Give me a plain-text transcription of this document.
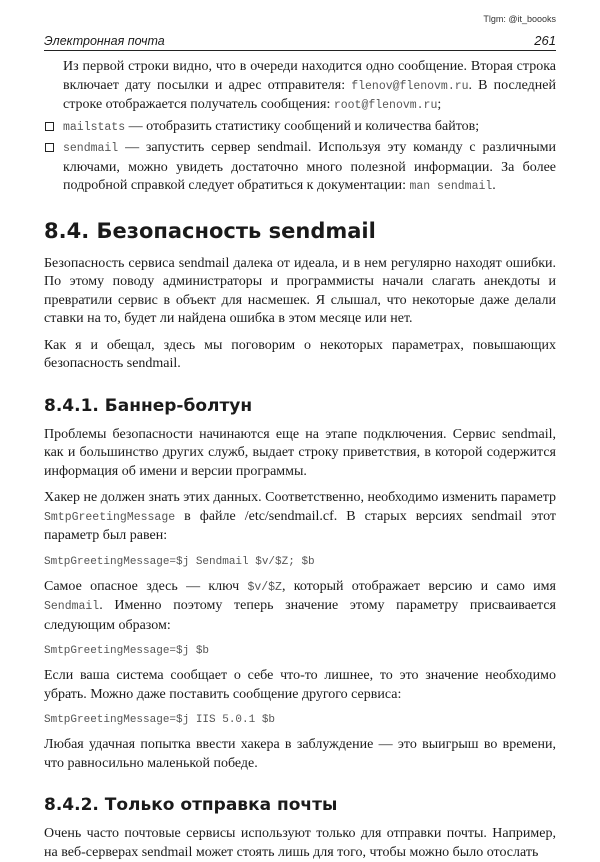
Tlgm: @it_boooks
Электронная почта	261

Из первой строки видно, что в очереди находится одно сообщение. Вторая строка включает дату посылки и адрес отправителя: flenov@flenovm.ru. В последней строке отображается получатель сообщения: root@flenovm.ru;

mailstats — отобразить статистику сообщений и количества байтов;
sendmail — запустить сервер sendmail. Используя эту команду с различными ключами, можно увидеть достаточно много полезной информации. За более подробной справкой следует обратиться к документации: man sendmail.
8.4. Безопасность sendmail

Безопасность сервиса sendmail далека от идеала, и в нем регулярно находят ошибки. По этому поводу администраторы и программисты начали слагать анекдоты и превратили сервис в объект для насмешек. Я слышал, что некоторые даже делали ставки на то, будет ли найдена ошибка в этом месяце или нет.

Как я и обещал, здесь мы поговорим о некоторых параметрах, повышающих безопасность sendmail.

8.4.1. Баннер-болтун

Проблемы безопасности начинаются еще на этапе подключения. Сервис sendmail, как и большинство других служб, выдает строку приветствия, в которой содержится информация об имени и версии программы.

Хакер не должен знать этих данных. Соответственно, необходимо изменить параметр SmtpGreetingMessage в файле /etc/sendmail.cf. В старых версиях sendmail этот параметр был равен:

SmtpGreetingMessage=$j Sendmail $v/$Z; $b

Самое опасное здесь — ключ $v/$Z, который отображает версию и само имя Sendmail. Именно поэтому теперь значение этому параметру присваивается следующим образом:

SmtpGreetingMessage=$j $b

Если ваша система сообщает о себе что-то лишнее, то это значение необходимо убрать. Можно даже поставить сообщение другого сервиса:

SmtpGreetingMessage=$j IIS 5.0.1 $b

Любая удачная попытка ввести хакера в заблуждение — это выигрыш во времени, что равносильно маленькой победе.

8.4.2. Только отправка почты

Очень часто почтовые сервисы используют только для отправки почты. Например, на веб-серверах sendmail может стоять лишь для того, чтобы можно было отослать
